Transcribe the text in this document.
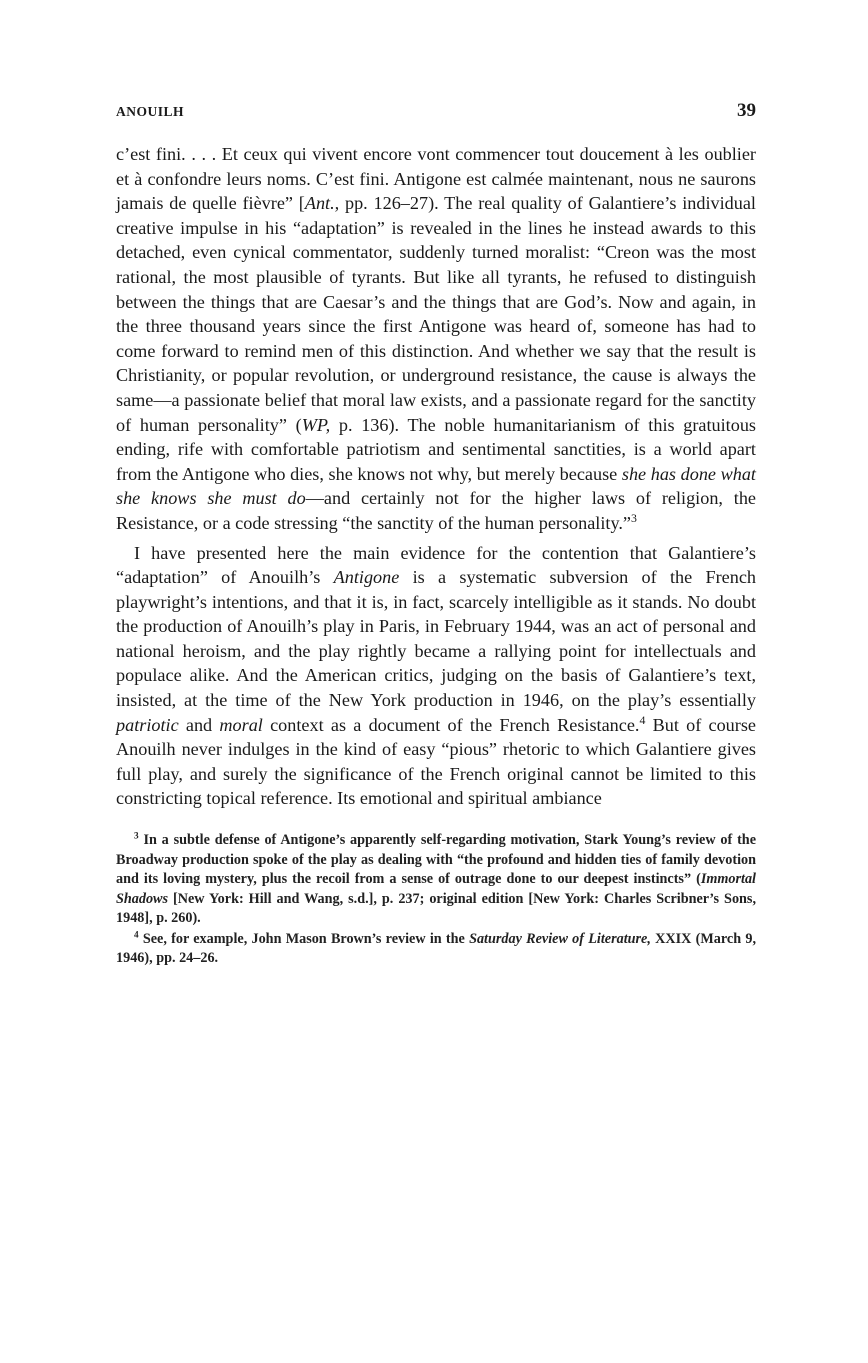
ANOUILH	39

c’est fini. . . . Et ceux qui vivent encore vont commencer tout doucement à les oublier et à confondre leurs noms. C’est fini. Antigone est calmée maintenant, nous ne saurons jamais de quelle fièvre” [Ant., pp. 126–27). The real quality of Galantiere’s individual creative impulse in his “adaptation” is revealed in the lines he instead awards to this detached, even cynical commentator, suddenly turned moralist: “Creon was the most rational, the most plausible of tyrants. But like all tyrants, he refused to distinguish between the things that are Caesar’s and the things that are God’s. Now and again, in the three thousand years since the first Antigone was heard of, someone has had to come forward to remind men of this distinction. And whether we say that the result is Christianity, or popular revolution, or underground resistance, the cause is always the same—a passionate belief that moral law exists, and a passionate regard for the sanctity of human personality” (WP, p. 136). The noble humanitarianism of this gratuitous ending, rife with comfortable patriotism and sentimental sanctities, is a world apart from the Antigone who dies, she knows not why, but merely because she has done what she knows she must do—and certainly not for the higher laws of religion, the Resistance, or a code stressing “the sanctity of the human personality.”$^3$

I have presented here the main evidence for the contention that Galantiere’s “adaptation” of Anouilh’s Antigone is a systematic subversion of the French playwright’s intentions, and that it is, in fact, scarcely intelligible as it stands. No doubt the production of Anouilh’s play in Paris, in February 1944, was an act of personal and national heroism, and the play rightly became a rallying point for intellectuals and populace alike. And the American critics, judging on the basis of Galantiere’s text, insisted, at the time of the New York production in 1946, on the play’s essentially patriotic and moral context as a document of the French Resistance.$^4$ But of course Anouilh never indulges in the kind of easy “pious” rhetoric to which Galantiere gives full play, and surely the significance of the French original cannot be limited to this constricting topical reference. Its emotional and spiritual ambiance

$^3$ In a subtle defense of Antigone’s apparently self-regarding motivation, Stark Young’s review of the Broadway production spoke of the play as dealing with “the profound and hidden ties of family devotion and its loving mystery, plus the recoil from a sense of outrage done to our deepest instincts” (Immortal Shadows [New York: Hill and Wang, s.d.], p. 237; original edition [New York: Charles Scribner’s Sons, 1948], p. 260).

$^4$ See, for example, John Mason Brown’s review in the Saturday Review of Literature, XXIX (March 9, 1946), pp. 24–26.
